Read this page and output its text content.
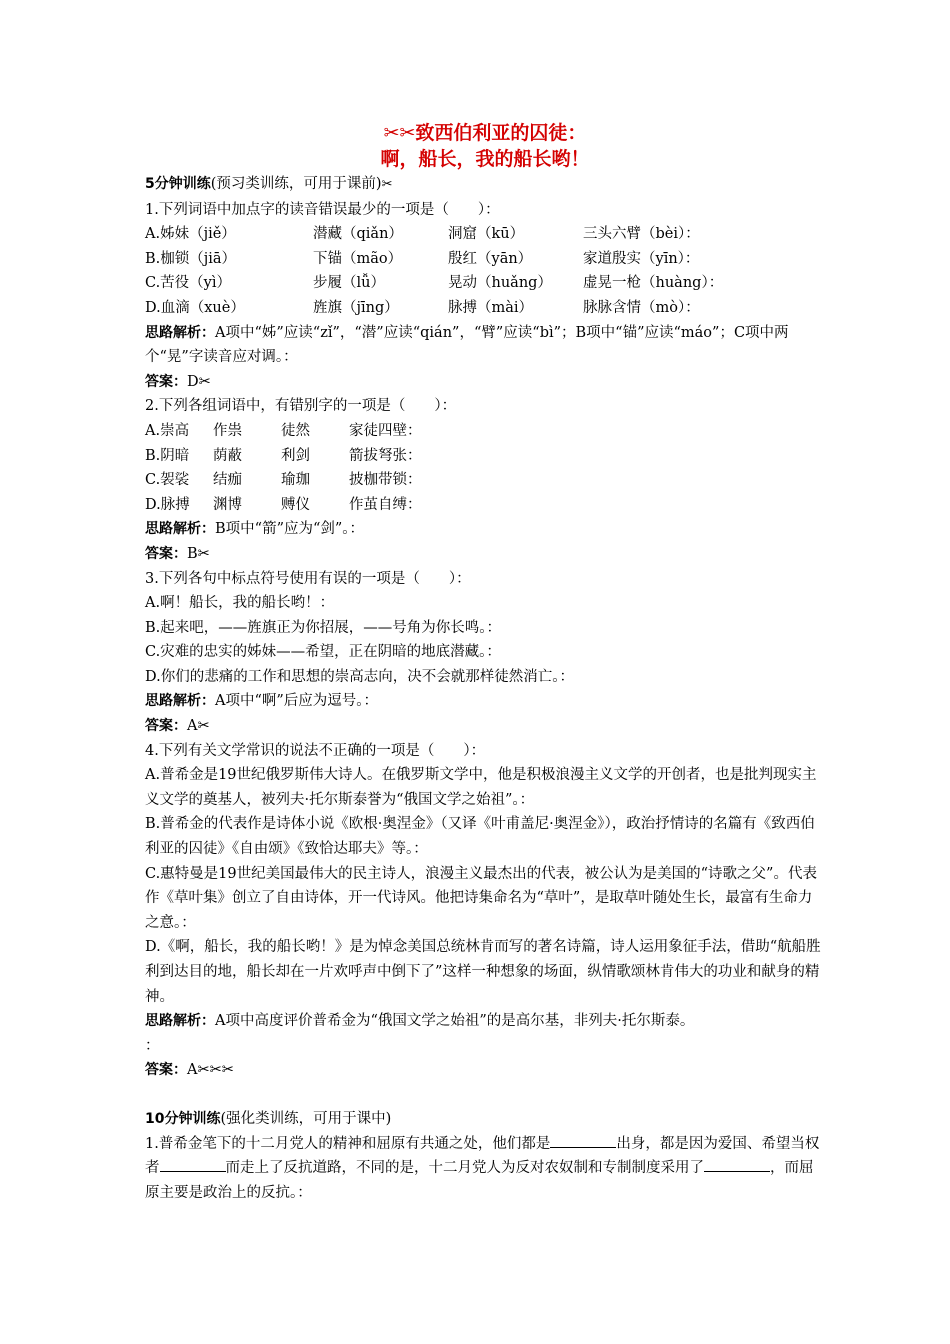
✂✂致西伯利亚的囚徒：
啊，船长，我的船长哟！
5分钟训练(预习类训练，可用于课前)✂
1.下列词语中加点字的读音错误最少的一项是（　　）：
A.姊妹（jiě）	潜藏（qiǎn）	洞窟（kū）	三头六臂（bèi）：
B.枷锁（jiā）	下锚（mão）	殷红（yān）	家道殷实（yīn）：
C.苦役（yì）	步履（lǚ）	晃动（huǎng）	虚晃一枪（huàng）：
D.血滴（xuè）	旌旗（jīng）	脉搏（mài）	脉脉含情（mò）：
思路解析：A项中“姊”应读“zǐ”，“潜”应读“qián”，“臂”应读“bì”；B项中“锚”应读“máo”；C项中两个“晃”字读音应对调。：
答案：D✂
2.下列各组词语中，有错别字的一项是（　　）：
A.崇高	作祟	徒然	家徒四壁：
B.阴暗	荫蔽	利剑	箭拔弩张：
C.袈裟	结痂	瑜珈	披枷带锁：
D.脉搏	渊博	赙仪	作茧自缚：
思路解析：B项中“箭”应为“剑”。：
答案：B✂
3.下列各句中标点符号使用有误的一项是（　　）：
A.啊！船长，我的船长哟！：
B.起来吧，——旌旗正为你招展，——号角为你长鸣。：
C.灾难的忠实的姊妹——希望，正在阴暗的地底潜藏。：
D.你们的悲痛的工作和思想的崇高志向，决不会就那样徒然消亡。：
思路解析：A项中“啊”后应为逗号。：
答案：A✂
4.下列有关文学常识的说法不正确的一项是（　　）：
A.普希金是19世纪俄罗斯伟大诗人。在俄罗斯文学中，他是积极浪漫主义文学的开创者，也是批判现实主义文学的奠基人，被列夫·托尔斯泰誉为“俄国文学之始祖”。：
B.普希金的代表作是诗体小说《欧根·奥涅金》（又译《叶甫盖尼·奥涅金》），政治抒情诗的名篇有《致西伯利亚的囚徒》《自由颂》《致恰达耶夫》等。：
C.惠特曼是19世纪美国最伟大的民主诗人，浪漫主义最杰出的代表，被公认为是美国的“诗歌之父”。代表作《草叶集》创立了自由诗体，开一代诗风。他把诗集命名为“草叶”，是取草叶随处生长，最富有生命力之意。：
D.《啊，船长，我的船长哟！》是为悼念美国总统林肯而写的著名诗篇，诗人运用象征手法，借助“航船胜利到达目的地，船长却在一片欢呼声中倒下了”这样一种想象的场面，纵情歌颂林肯伟大的功业和献身的精神。
思路解析：A项中高度评价普希金为“俄国文学之始祖”的是高尔基，非列夫·托尔斯泰。
：
答案：A✂✂✂
10分钟训练(强化类训练，可用于课中)
1.普希金笔下的十二月党人的精神和屈原有共通之处，他们都是	出身，都是因为爱国、希望当权者	而走上了反抗道路，不同的是，十二月党人为反对农奴制和专制制度采用了	，而屈原主要是政治上的反抗。：
